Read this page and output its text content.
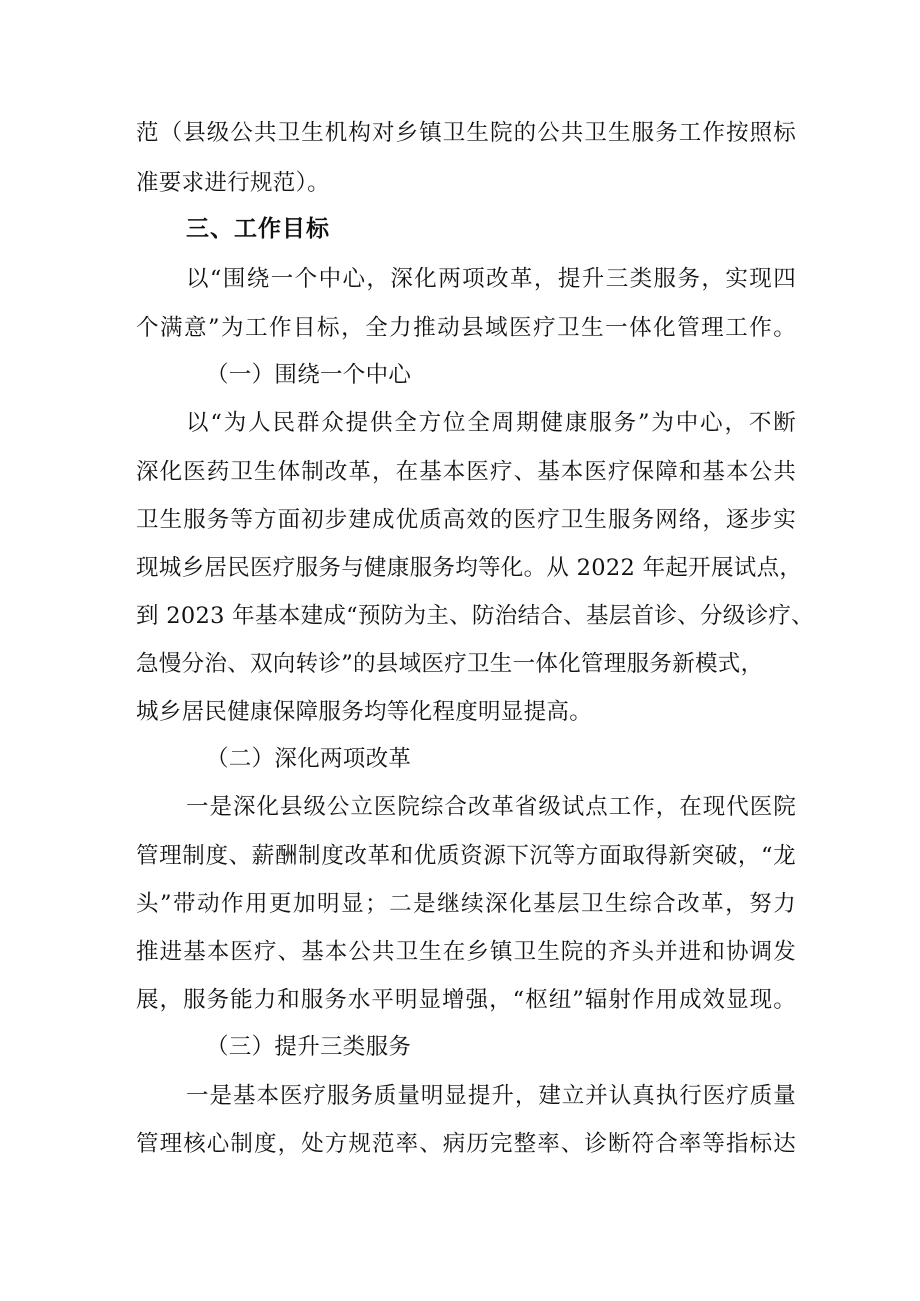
范（县级公共卫生机构对乡镇卫生院的公共卫生服务工作按照标
准要求进行规范）。
三、工作目标
以“围绕一个中心，深化两项改革，提升三类服务，实现四
个满意”为工作目标，全力推动县域医疗卫生一体化管理工作。
（一）围绕一个中心
以“为人民群众提供全方位全周期健康服务”为中心，不断
深化医药卫生体制改革，在基本医疗、基本医疗保障和基本公共
卫生服务等方面初步建成优质高效的医疗卫生服务网络，逐步实
现城乡居民医疗服务与健康服务均等化。从 2022 年起开展试点，
到 2023 年基本建成“预防为主、防治结合、基层首诊、分级诊疗、
急慢分治、双向转诊”的县域医疗卫生一体化管理服务新模式，
城乡居民健康保障服务均等化程度明显提高。
（二）深化两项改革
一是深化县级公立医院综合改革省级试点工作，在现代医院
管理制度、薪酬制度改革和优质资源下沉等方面取得新突破，“龙
头”带动作用更加明显；二是继续深化基层卫生综合改革，努力
推进基本医疗、基本公共卫生在乡镇卫生院的齐头并进和协调发
展，服务能力和服务水平明显增强，“枢纽”辐射作用成效显现。
（三）提升三类服务
一是基本医疗服务质量明显提升，建立并认真执行医疗质量
管理核心制度，处方规范率、病历完整率、诊断符合率等指标达
